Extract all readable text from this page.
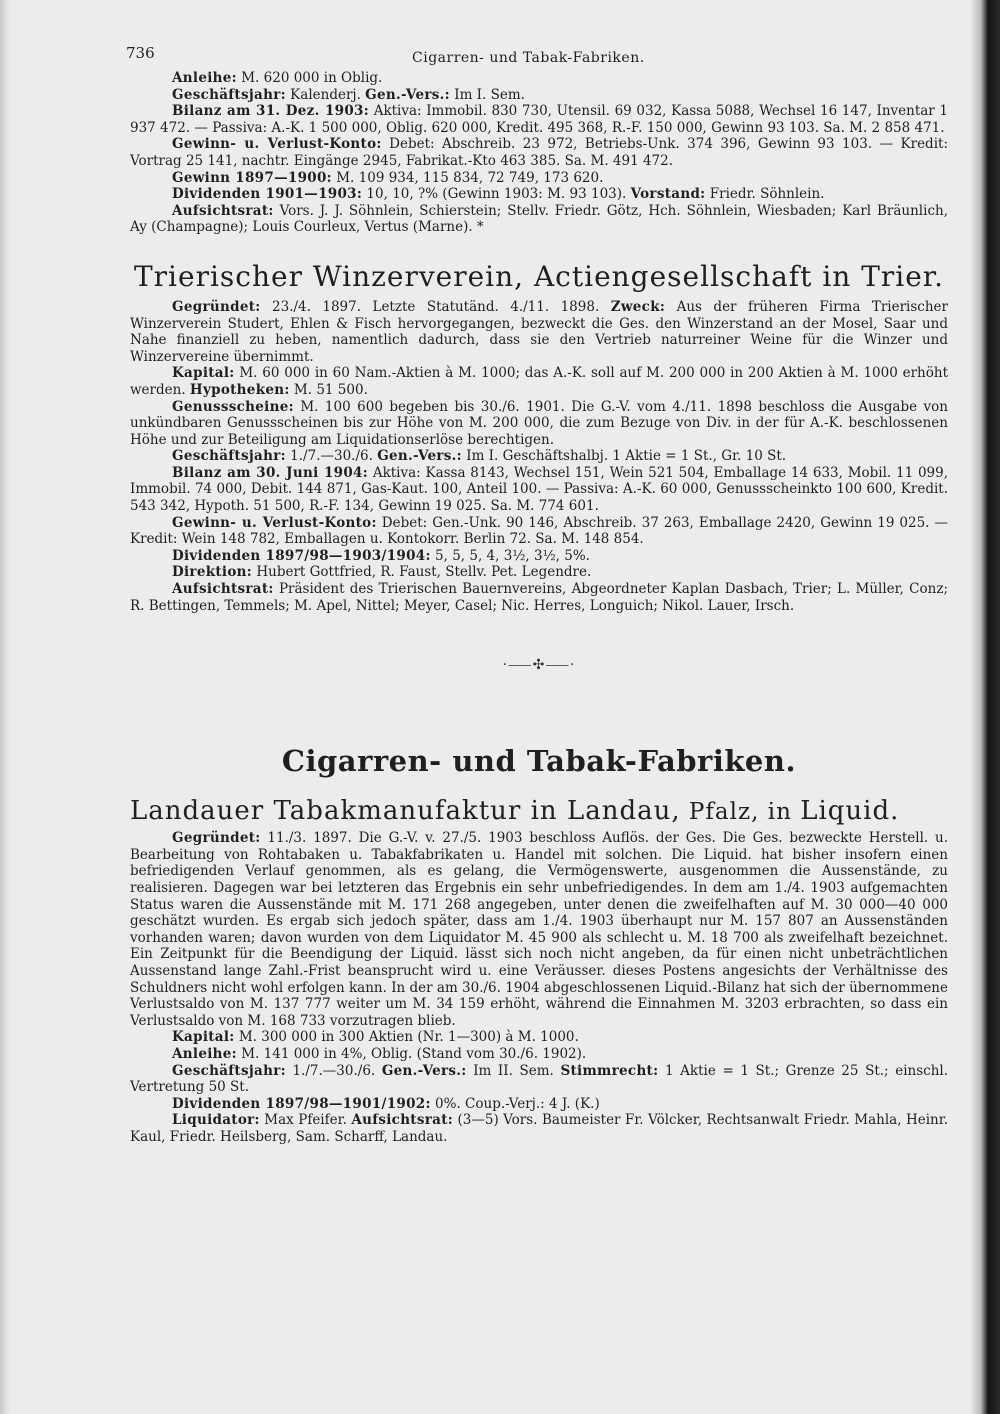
736	Cigarren- und Tabak-Fabriken.

Anleihe: M. 620 000 in Oblig.

Geschäftsjahr: Kalenderj. Gen.-Vers.: Im I. Sem.

Bilanz am 31. Dez. 1903: Aktiva: Immobil. 830 730, Utensil. 69 032, Kassa 5088, Wechsel 16 147, Inventar 1 937 472. — Passiva: A.-K. 1 500 000, Oblig. 620 000, Kredit. 495 368, R.-F. 150 000, Gewinn 93 103. Sa. M. 2 858 471.

Gewinn- u. Verlust-Konto: Debet: Abschreib. 23 972, Betriebs-Unk. 374 396, Gewinn 93 103. — Kredit: Vortrag 25 141, nachtr. Eingänge 2945, Fabrikat.-Kto 463 385. Sa. M. 491 472.

Gewinn 1897—1900: M. 109 934, 115 834, 72 749, 173 620.

Dividenden 1901—1903: 10, 10, ?% (Gewinn 1903: M. 93 103). Vorstand: Friedr. Söhnlein.

Aufsichtsrat: Vors. J. J. Söhnlein, Schierstein; Stellv. Friedr. Götz, Hch. Söhnlein, Wiesbaden; Karl Bräunlich, Ay (Champagne); Louis Courleux, Vertus (Marne). *

Trierischer Winzerverein, Actiengesellschaft in Trier.

Gegründet: 23./4. 1897. Letzte Statutänd. 4./11. 1898. Zweck: Aus der früheren Firma Trierischer Winzerverein Studert, Ehlen & Fisch hervorgegangen, bezweckt die Ges. den Winzerstand an der Mosel, Saar und Nahe finanziell zu heben, namentlich dadurch, dass sie den Vertrieb naturreiner Weine für die Winzer und Winzervereine übernimmt.

Kapital: M. 60 000 in 60 Nam.-Aktien à M. 1000; das A.-K. soll auf M. 200 000 in 200 Aktien à M. 1000 erhöht werden. Hypotheken: M. 51 500.

Genussscheine: M. 100 600 begeben bis 30./6. 1901. Die G.-V. vom 4./11. 1898 beschloss die Ausgabe von unkündbaren Genussscheinen bis zur Höhe von M. 200 000, die zum Bezuge von Div. in der für A.-K. beschlossenen Höhe und zur Beteiligung am Liquidationserlöse berechtigen.

Geschäftsjahr: 1./7.—30./6. Gen.-Vers.: Im I. Geschäftshalbj. 1 Aktie = 1 St., Gr. 10 St.

Bilanz am 30. Juni 1904: Aktiva: Kassa 8143, Wechsel 151, Wein 521 504, Emballage 14 633, Mobil. 11 099, Immobil. 74 000, Debit. 144 871, Gas-Kaut. 100, Anteil 100. — Passiva: A.-K. 60 000, Genussscheinkto 100 600, Kredit. 543 342, Hypoth. 51 500, R.-F. 134, Gewinn 19 025. Sa. M. 774 601.

Gewinn- u. Verlust-Konto: Debet: Gen.-Unk. 90 146, Abschreib. 37 263, Emballage 2420, Gewinn 19 025. — Kredit: Wein 148 782, Emballagen u. Kontokorr. Berlin 72. Sa. M. 148 854.

Dividenden 1897/98—1903/1904: 5, 5, 5, 4, 3½, 3½, 5%.

Direktion: Hubert Gottfried, R. Faust, Stellv. Pet. Legendre.

Aufsichtsrat: Präsident des Trierischen Bauernvereins, Abgeordneter Kaplan Dasbach, Trier; L. Müller, Conz; R. Bettingen, Temmels; M. Apel, Nittel; Meyer, Casel; Nic. Herres, Longuich; Nikol. Lauer, Irsch.

·⸺✣⸺·
Cigarren- und Tabak-Fabriken.
Landauer Tabakmanufaktur in Landau, Pfalz, in Liquid.

Gegründet: 11./3. 1897. Die G.-V. v. 27./5. 1903 beschloss Auflös. der Ges. Die Ges. bezweckte Herstell. u. Bearbeitung von Rohtabaken u. Tabakfabrikaten u. Handel mit solchen. Die Liquid. hat bisher insofern einen befriedigenden Verlauf genommen, als es gelang, die Vermögenswerte, ausgenommen die Aussenstände, zu realisieren. Dagegen war bei letzteren das Ergebnis ein sehr unbefriedigendes. In dem am 1./4. 1903 aufgemachten Status waren die Aussenstände mit M. 171 268 angegeben, unter denen die zweifelhaften auf M. 30 000—40 000 geschätzt wurden. Es ergab sich jedoch später, dass am 1./4. 1903 überhaupt nur M. 157 807 an Aussenständen vorhanden waren; davon wurden von dem Liquidator M. 45 900 als schlecht u. M. 18 700 als zweifelhaft bezeichnet. Ein Zeitpunkt für die Beendigung der Liquid. lässt sich noch nicht angeben, da für einen nicht unbeträchtlichen Aussenstand lange Zahl.-Frist beansprucht wird u. eine Veräusser. dieses Postens angesichts der Verhältnisse des Schuldners nicht wohl erfolgen kann. In der am 30./6. 1904 abgeschlossenen Liquid.-Bilanz hat sich der übernommene Verlustsaldo von M. 137 777 weiter um M. 34 159 erhöht, während die Einnahmen M. 3203 erbrachten, so dass ein Verlustsaldo von M. 168 733 vorzutragen blieb.

Kapital: M. 300 000 in 300 Aktien (Nr. 1—300) à M. 1000.

Anleihe: M. 141 000 in 4%, Oblig. (Stand vom 30./6. 1902).

Geschäftsjahr: 1./7.—30./6. Gen.-Vers.: Im II. Sem. Stimmrecht: 1 Aktie = 1 St.; Grenze 25 St.; einschl. Vertretung 50 St.

Dividenden 1897/98—1901/1902: 0%. Coup.-Verj.: 4 J. (K.)

Liquidator: Max Pfeifer. Aufsichtsrat: (3—5) Vors. Baumeister Fr. Völcker, Rechtsanwalt Friedr. Mahla, Heinr. Kaul, Friedr. Heilsberg, Sam. Scharff, Landau.
